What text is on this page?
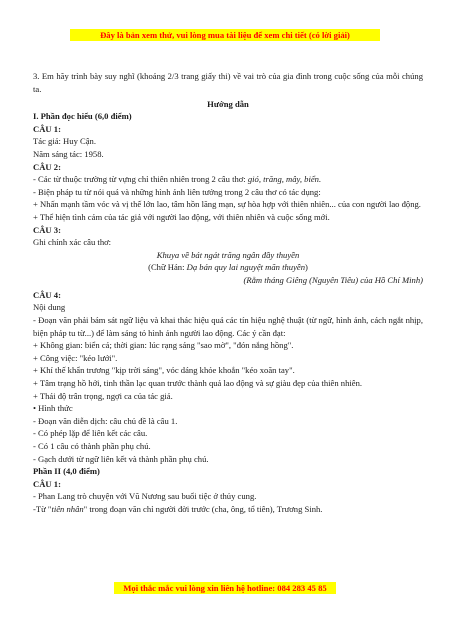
Đây là bản xem thử, vui lòng mua tài liệu để xem chi tiết (có lời giải)

3. Em hãy trình bày suy nghĩ (khoảng 2/3 trang giấy thi) về vai trò của gia đình trong cuộc sống của mỗi chúng ta.

Hướng dẫn

I. Phần đọc hiểu (6,0 điểm)

CÂU 1:

Tác giả: Huy Cận.

Năm sáng tác: 1958.

CÂU 2:

- Các từ thuộc trường từ vựng chỉ thiên nhiên trong 2 câu thơ: gió, trăng, mây, biển.

- Biện pháp tu từ nói quá và những hình ảnh liên tưởng trong 2 câu thơ có tác dụng:

+ Nhấn mạnh tầm vóc và vị thế lớn lao, tâm hồn lãng mạn, sự hòa hợp với thiên nhiên... của con người lao động.

+ Thể hiện tình cảm của tác giả với người lao động, với thiên nhiên và cuộc sống mới.

CÂU 3:

Ghi chính xác câu thơ:

Khuya về bát ngát trăng ngân đầy thuyền

(Chữ Hán: Dạ bán quy lai nguyệt mãn thuyền)

(Rằm tháng Giêng (Nguyên Tiêu) của Hồ Chí Minh)

CÂU 4:

Nội dung

- Đoạn văn phải bám sát ngữ liệu và khai thác hiệu quả các tín hiệu nghệ thuật (từ ngữ, hình ảnh, cách ngắt nhịp, biện pháp tu từ...) để làm sáng tỏ hình ảnh người lao động. Các ý cần đạt:

+ Không gian: biển cả; thời gian: lúc rạng sáng "sao mờ", "đón nắng hồng".

+ Công việc: "kéo lưới".

+ Khí thế khẩn trương "kịp trời sáng", vóc dáng khỏe khoắn "kéo xoăn tay".

+ Tâm trạng hồ hởi, tinh thần lạc quan trước thành quả lao động và sự giàu đẹp của thiên nhiên.

+ Thái độ trân trọng, ngợi ca của tác giả.

• Hình thức

- Đoạn văn diễn dịch: câu chủ đề là câu 1.

- Có phép lặp để liên kết các câu.

- Có 1 câu có thành phần phụ chú.

- Gạch dưới từ ngữ liên kết và thành phần phụ chú.

Phần II (4,0 điểm)

CÂU 1:

- Phan Lang trò chuyện với Vũ Nương sau buổi tiệc ở thủy cung.

-Từ "tiên nhân" trong đoạn văn chỉ người đời trước (cha, ông, tổ tiên), Trương Sinh.

Mọi thắc mắc vui lòng xin liên hệ hotline: 084 283 45 85
